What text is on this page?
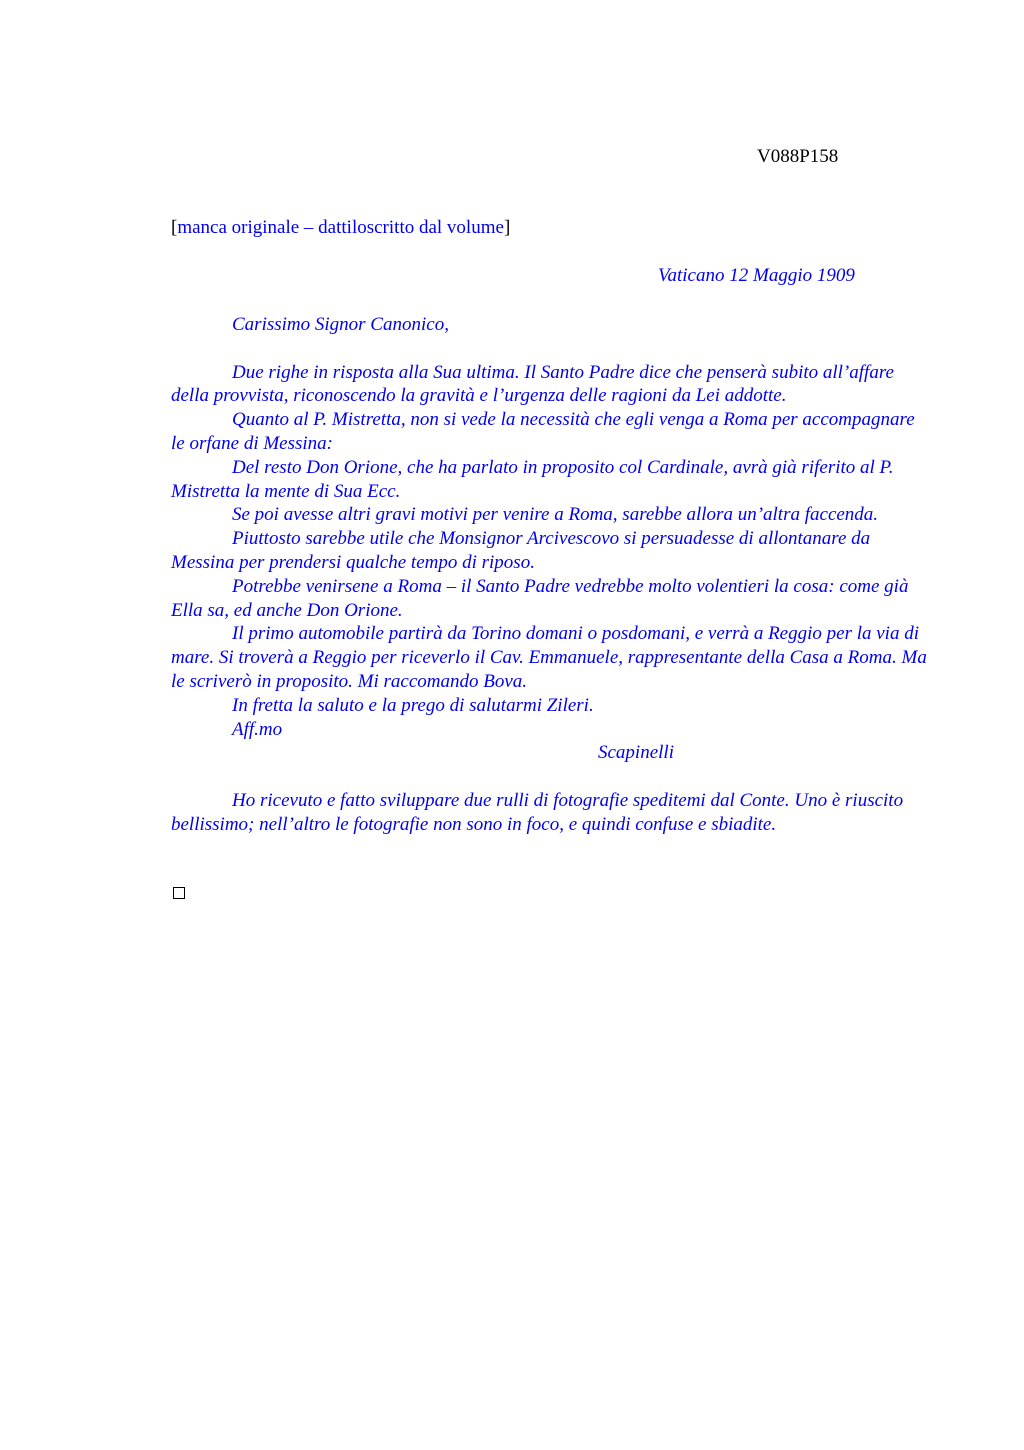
V088P158
[manca originale – dattiloscritto dal volume]
Vaticano 12 Maggio 1909

Carissimo Signor Canonico,

Due righe in risposta alla Sua ultima. Il Santo Padre dice che penserà subito all’affare della provvista, riconoscendo la gravità e l’urgenza delle ragioni da Lei addotte.

Quanto al P. Mistretta, non si vede la necessità che egli venga a Roma per accompagnare le orfane di Messina:

Del resto Don Orione, che ha parlato in proposito col Cardinale, avrà già riferito al P. Mistretta la mente di Sua Ecc.

Se poi avesse altri gravi motivi per venire a Roma, sarebbe allora un’altra faccenda.

Piuttosto sarebbe utile che Monsignor Arcivescovo si persuadesse di allontanare da Messina per prendersi qualche tempo di riposo.

Potrebbe venirsene a Roma – il Santo Padre vedrebbe molto volentieri la cosa: come già Ella sa, ed anche Don Orione.

Il primo automobile partirà da Torino domani o posdomani, e verrà a Reggio per la via di mare. Si troverà a Reggio per riceverlo il Cav. Emmanuele, rappresentante della Casa a Roma. Ma le scriverò in proposito. Mi raccomando Bova.

In fretta la saluto e la prego di salutarmi Zileri.

Aff.mo

Scapinelli

Ho ricevuto e fatto sviluppare due rulli di fotografie speditemi dal Conte. Uno è riuscito bellissimo; nell’altro le fotografie non sono in foco, e quindi confuse e sbiadite.
